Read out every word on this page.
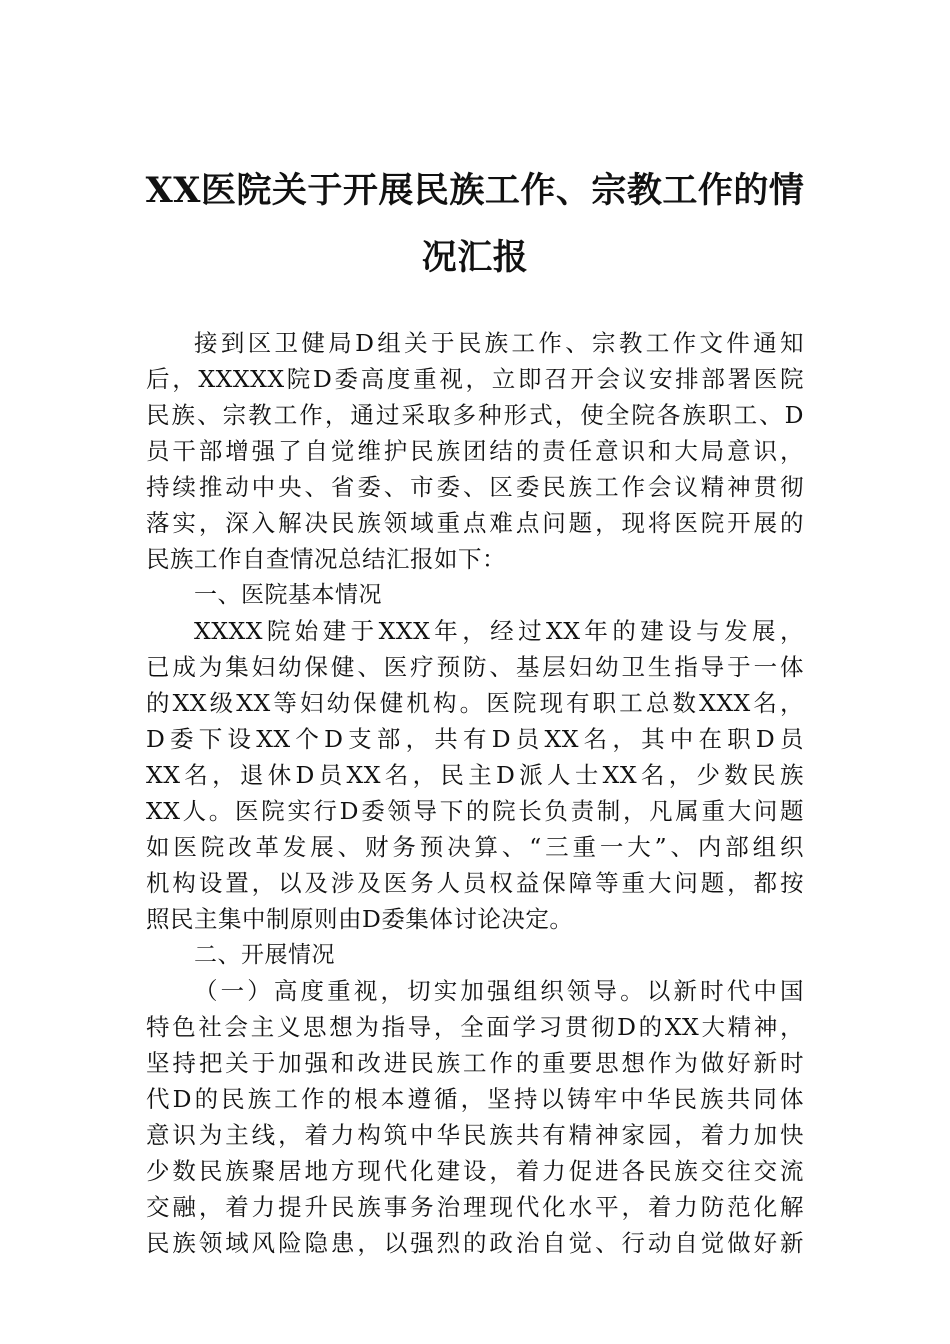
XX医院关于开展民族工作、宗教工作的情
况汇报
接到区卫健局D组关于民族工作、宗教工作文件通知
后，XXXXX院D委高度重视，立即召开会议安排部署医院
民族、宗教工作，通过采取多种形式，使全院各族职工、D
员干部增强了自觉维护民族团结的责任意识和大局意识，
持续推动中央、省委、市委、区委民族工作会议精神贯彻
落实，深入解决民族领域重点难点问题，现将医院开展的
民族工作自查情况总结汇报如下：
一、医院基本情况
XXXX院始建于XXX年，经过XX年的建设与发展，
已成为集妇幼保健、医疗预防、基层妇幼卫生指导于一体
的XX级XX等妇幼保健机构。医院现有职工总数XXX名，
D委下设XX个D支部，共有D员XX名，其中在职D员
XX名，退休D员XX名，民主D派人士XX名，少数民族
XX人。医院实行D委领导下的院长负责制，凡属重大问题
如医院改革发展、财务预决算、“三重一大”、内部组织
机构设置，以及涉及医务人员权益保障等重大问题，都按
照民主集中制原则由D委集体讨论决定。
二、开展情况
（一）高度重视，切实加强组织领导。以新时代中国
特色社会主义思想为指导，全面学习贯彻D的XX大精神，
坚持把关于加强和改进民族工作的重要思想作为做好新时
代D的民族工作的根本遵循，坚持以铸牢中华民族共同体
意识为主线，着力构筑中华民族共有精神家园，着力加快
少数民族聚居地方现代化建设，着力促进各民族交往交流
交融，着力提升民族事务治理现代化水平，着力防范化解
民族领域风险隐患，以强烈的政治自觉、行动自觉做好新
